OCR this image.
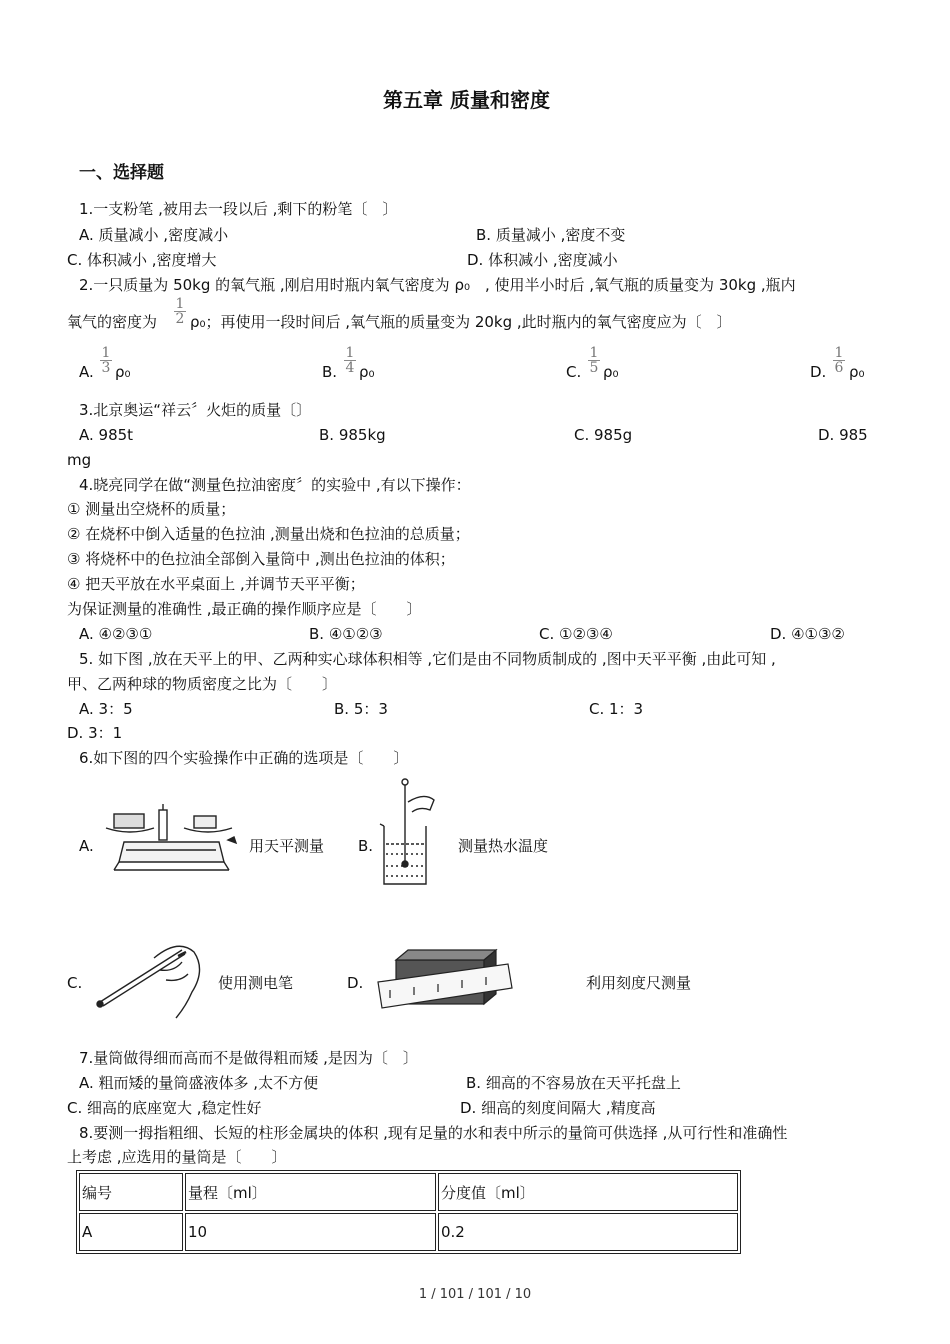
第五章 质量和密度
一、选择题
1.一支粉笔 ,被用去一段以后 ,剩下的粉笔〔　〕
A. 质量减小 ,密度减小	B. 质量减小 ,密度不变
C. 体积减小 ,密度增大	D. 体积减小 ,密度减小
2.一只质量为 50kg 的氧气瓶 ,刚启用时瓶内氧气密度为 ρ₀　, 使用半小时后 ,氧气瓶的质量变为 30kg ,瓶内
氧气的密度为 $\frac{1}{2} \rho_0$；再使用一段时间后 ,氧气瓶的质量变为 20kg ,此时瓶内的氧气密度应为〔　〕
A. $\frac{1}{3} \rho_0$	B. $\frac{1}{4} \rho_0$	C. $\frac{1}{5} \rho_0$	D. $\frac{1}{6} \rho_0$
3.北京奥运“祥云〞火炬的质量〔〕
A. 985t	B. 985kg	C. 985g	D. 985
mg
4.晓亮同学在做“测量色拉油密度〞的实验中 ,有以下操作：
① 测量出空烧杯的质量；
② 在烧杯中倒入适量的色拉油 ,测量出烧和色拉油的总质量；
③ 将烧杯中的色拉油全部倒入量筒中 ,测出色拉油的体积；
④ 把天平放在水平桌面上 ,并调节天平平衡；
为保证测量的准确性 ,最正确的操作顺序应是〔　　〕
A. ④②③①	B. ④①②③	C. ①②③④	D. ④①③②
5. 如下图 ,放在天平上的甲、乙两种实心球体积相等 ,它们是由不同物质制成的 ,图中天平平衡 ,由此可知 ,
甲、乙两种球的物质密度之比为〔　　〕
A. 3：5	B. 5：3	C. 1：3
D. 3：1
6.如下图的四个实验操作中正确的选项是〔　　〕
A.	用天平测量 B.	测量热水温度
C.	使用测电笔	D.	利用刻度尺测量
7.量筒做得细而高而不是做得粗而矮 ,是因为〔　〕
A. 粗而矮的量筒盛液体多 ,太不方便	B. 细高的不容易放在天平托盘上
C. 细高的底座宽大 ,稳定性好	D. 细高的刻度间隔大 ,精度高
8.要测一拇指粗细、长短的柱形金属块的体积 ,现有足量的水和表中所示的量筒可供选择 ,从可行性和准确性
上考虑 ,应选用的量筒是〔　　〕
编号	量程〔ml〕	分度值〔ml〕
A	10	0.2
1 / 101 / 101 / 10
